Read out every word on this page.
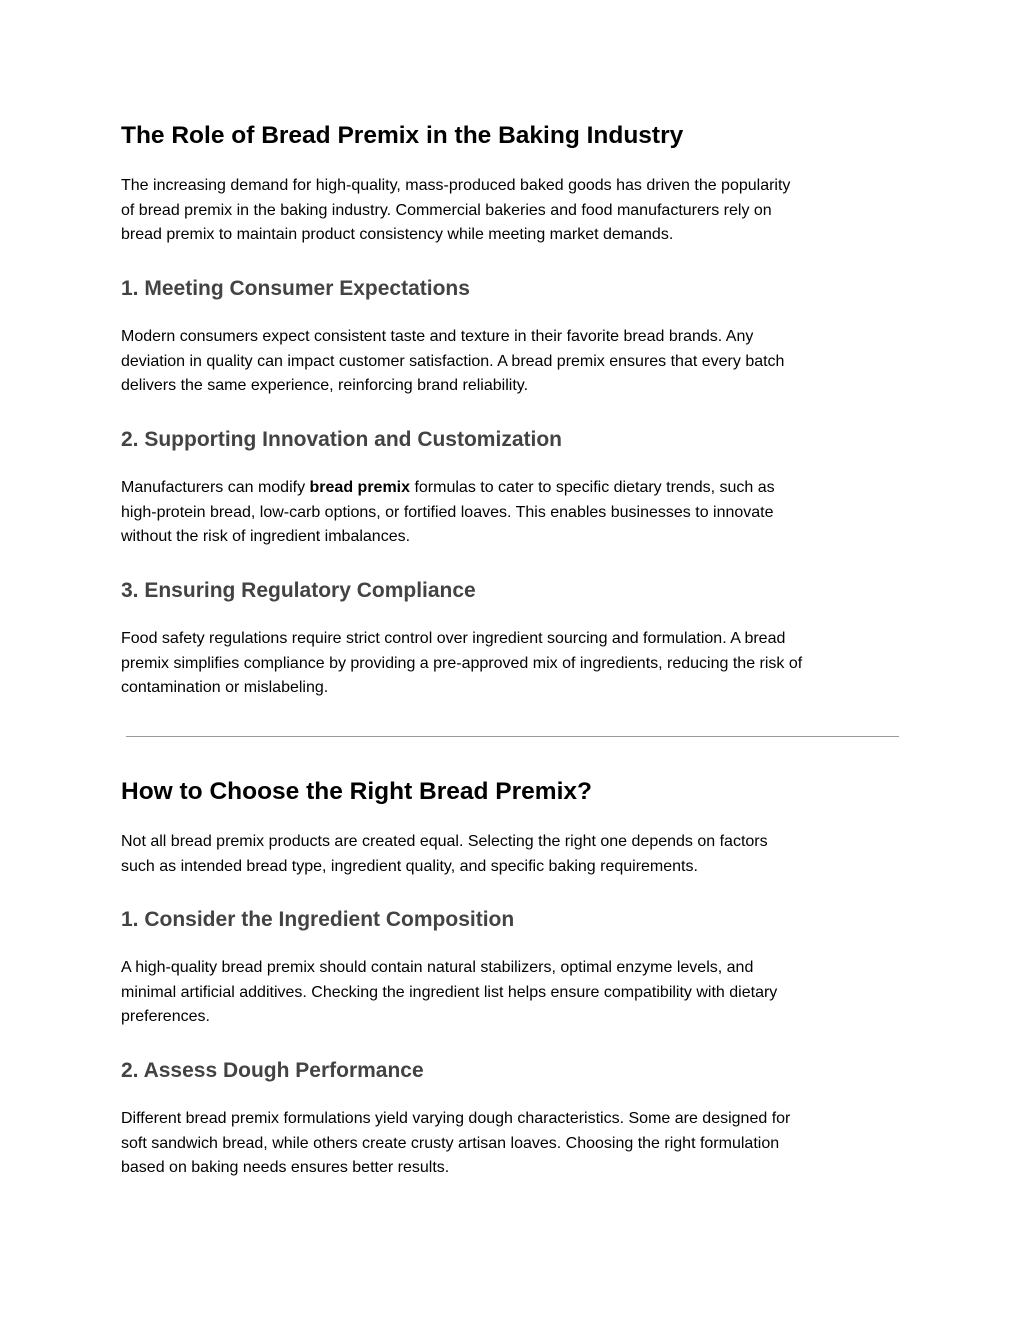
The Role of Bread Premix in the Baking Industry

The increasing demand for high-quality, mass-produced baked goods has driven the popularity
of bread premix in the baking industry. Commercial bakeries and food manufacturers rely on
bread premix to maintain product consistency while meeting market demands.

1. Meeting Consumer Expectations

Modern consumers expect consistent taste and texture in their favorite bread brands. Any
deviation in quality can impact customer satisfaction. A bread premix ensures that every batch
delivers the same experience, reinforcing brand reliability.

2. Supporting Innovation and Customization

Manufacturers can modify bread premix formulas to cater to specific dietary trends, such as
high-protein bread, low-carb options, or fortified loaves. This enables businesses to innovate
without the risk of ingredient imbalances.

3. Ensuring Regulatory Compliance

Food safety regulations require strict control over ingredient sourcing and formulation. A bread
premix simplifies compliance by providing a pre-approved mix of ingredients, reducing the risk of
contamination or mislabeling.

How to Choose the Right Bread Premix?

Not all bread premix products are created equal. Selecting the right one depends on factors
such as intended bread type, ingredient quality, and specific baking requirements.

1. Consider the Ingredient Composition

A high-quality bread premix should contain natural stabilizers, optimal enzyme levels, and
minimal artificial additives. Checking the ingredient list helps ensure compatibility with dietary
preferences.

2. Assess Dough Performance

Different bread premix formulations yield varying dough characteristics. Some are designed for
soft sandwich bread, while others create crusty artisan loaves. Choosing the right formulation
based on baking needs ensures better results.
